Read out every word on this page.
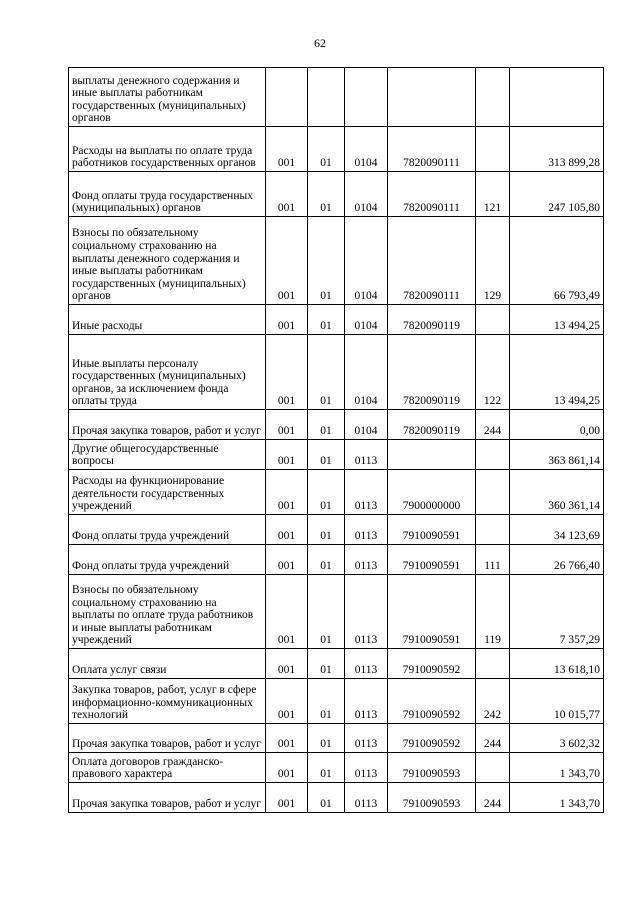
62
выплаты денежного содержания и иные выплаты работникам государственных (муниципальных) органов						
Расходы на выплаты по оплате труда работников государственных органов	001	01	0104	7820090111		313 899,28
Фонд оплаты труда государственных (муниципальных) органов	001	01	0104	7820090111	121	247 105,80
Взносы по обязательному социальному страхованию на выплаты денежного содержания и иные выплаты работникам государственных (муниципальных) органов	001	01	0104	7820090111	129	66 793,49
Иные расходы	001	01	0104	7820090119		13 494,25
Иные выплаты персоналу государственных (муниципальных) органов, за исключением фонда оплаты труда	001	01	0104	7820090119	122	13 494,25
Прочая закупка товаров, работ и услуг	001	01	0104	7820090119	244	0,00
Другие общегосударственные вопросы	001	01	0113			363 861,14
Расходы на функционирование деятельности государственных учреждений	001	01	0113	7900000000		360 361,14
Фонд оплаты труда учреждений	001	01	0113	7910090591		34 123,69
Фонд оплаты труда учреждений	001	01	0113	7910090591	111	26 766,40
Взносы по обязательному социальному страхованию на выплаты по оплате труда работников и иные выплаты работникам учреждений	001	01	0113	7910090591	119	7 357,29
Оплата услуг связи	001	01	0113	7910090592		13 618,10
Закупка товаров, работ, услуг в сфере информационно-коммуникационных технологий	001	01	0113	7910090592	242	10 015,77
Прочая закупка товаров, работ и услуг	001	01	0113	7910090592	244	3 602,32
Оплата договоров гражданско-правового характера	001	01	0113	7910090593		1 343,70
Прочая закупка товаров, работ и услуг	001	01	0113	7910090593	244	1 343,70
